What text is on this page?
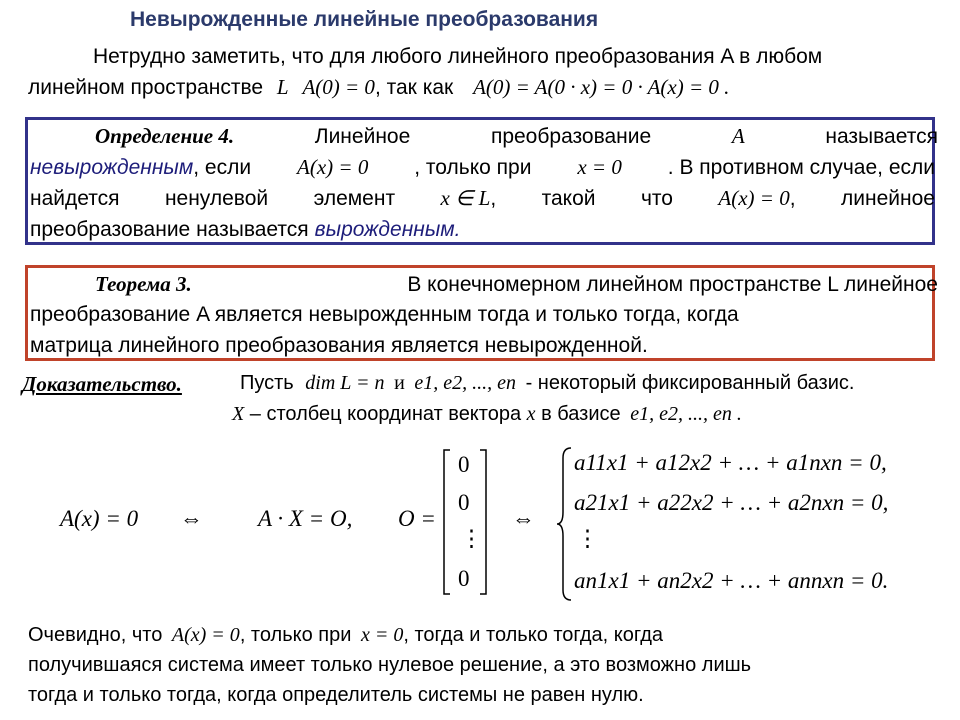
Невырожденные линейные преобразования
Нетрудно заметить, что для любого линейного преобразования A в любом
линейном пространстве L A(0) = 0, так как A(0) = A(0 · x) = 0 · A(x) = 0 .
Определение 4.	Линейное	преобразование	A	называется
невырожденным, если A(x) = 0 , только при x = 0 . В противном случае, если
найдется ненулевой элемент x ∈ L, такой что A(x) = 0, линейное
преобразование называется вырожденным.
Теорема 3.	В конечномерном линейном пространстве L линейное
преобразование A является невырожденным тогда и только тогда, когда
матрица линейного преобразования является невырожденной.
Доказательство.	Пусть dim L = n и e1, e2, ..., en - некоторый фиксированный базис.
X – столбец координат вектора x в базисе e1, e2, ..., en .
A(x) = 0 ⇔ A · X = O, O =
0
0
⋮
0
⇔
a11x1 + a12x2 + … + a1nxn = 0,
a21x1 + a22x2 + … + a2nxn = 0,
⋮
an1x1 + an2x2 + … + annxn = 0.
Очевидно, что A(x) = 0, только при x = 0, тогда и только тогда, когда
получившаяся система имеет только нулевое решение, а это возможно лишь
тогда и только тогда, когда определитель системы не равен нулю.
